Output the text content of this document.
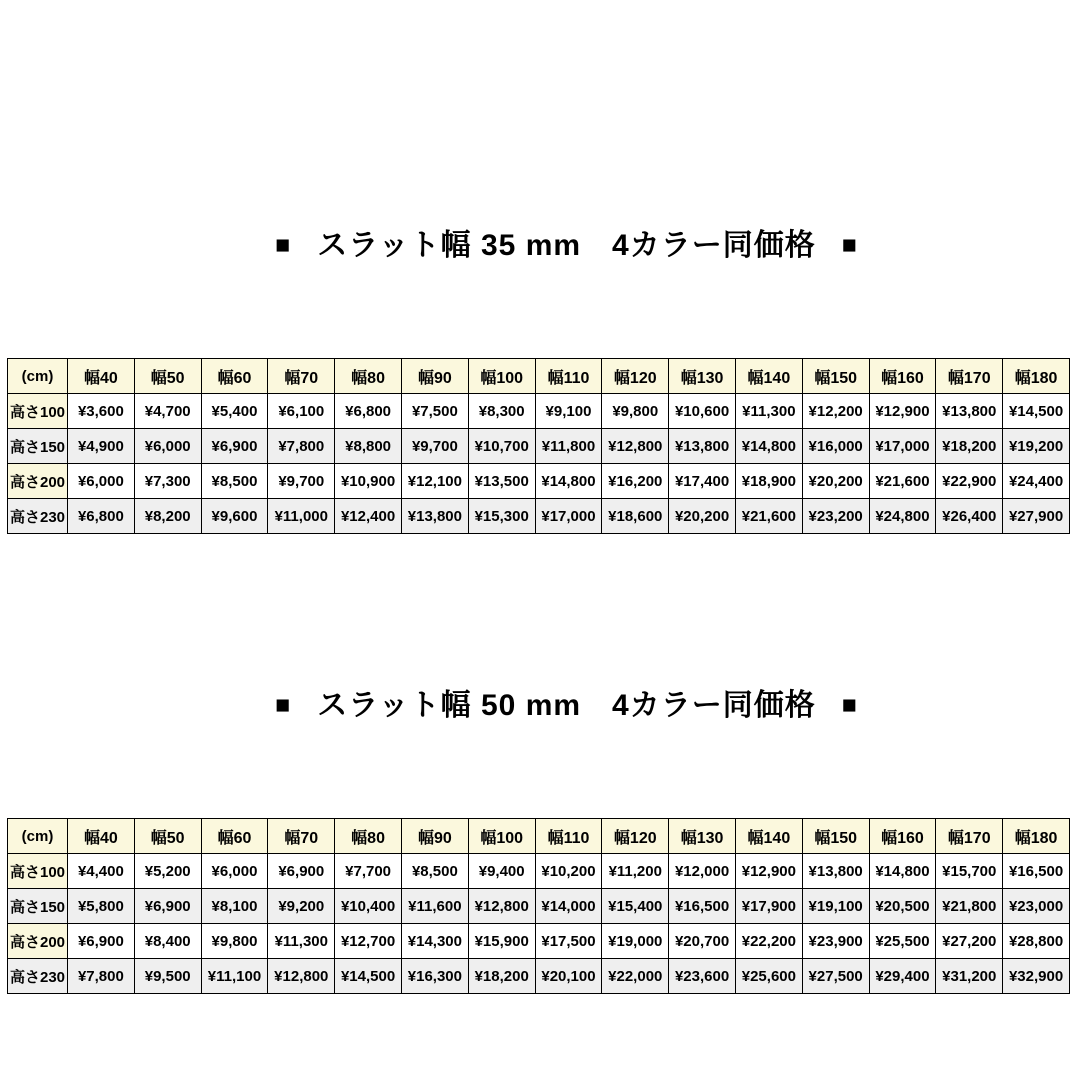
■ スラット幅 35 mm　4カラー同価格 ■

(cm)	幅40	幅50	幅60	幅70	幅80	幅90	幅100	幅110	幅120	幅130	幅140	幅150	幅160	幅170	幅180
高さ100	¥3,600	¥4,700	¥5,400	¥6,100	¥6,800	¥7,500	¥8,300	¥9,100	¥9,800	¥10,600	¥11,300	¥12,200	¥12,900	¥13,800	¥14,500
高さ150	¥4,900	¥6,000	¥6,900	¥7,800	¥8,800	¥9,700	¥10,700	¥11,800	¥12,800	¥13,800	¥14,800	¥16,000	¥17,000	¥18,200	¥19,200
高さ200	¥6,000	¥7,300	¥8,500	¥9,700	¥10,900	¥12,100	¥13,500	¥14,800	¥16,200	¥17,400	¥18,900	¥20,200	¥21,600	¥22,900	¥24,400
高さ230	¥6,800	¥8,200	¥9,600	¥11,000	¥12,400	¥13,800	¥15,300	¥17,000	¥18,600	¥20,200	¥21,600	¥23,200	¥24,800	¥26,400	¥27,900

■ スラット幅 50 mm　4カラー同価格 ■

(cm)	幅40	幅50	幅60	幅70	幅80	幅90	幅100	幅110	幅120	幅130	幅140	幅150	幅160	幅170	幅180
高さ100	¥4,400	¥5,200	¥6,000	¥6,900	¥7,700	¥8,500	¥9,400	¥10,200	¥11,200	¥12,000	¥12,900	¥13,800	¥14,800	¥15,700	¥16,500
高さ150	¥5,800	¥6,900	¥8,100	¥9,200	¥10,400	¥11,600	¥12,800	¥14,000	¥15,400	¥16,500	¥17,900	¥19,100	¥20,500	¥21,800	¥23,000
高さ200	¥6,900	¥8,400	¥9,800	¥11,300	¥12,700	¥14,300	¥15,900	¥17,500	¥19,000	¥20,700	¥22,200	¥23,900	¥25,500	¥27,200	¥28,800
高さ230	¥7,800	¥9,500	¥11,100	¥12,800	¥14,500	¥16,300	¥18,200	¥20,100	¥22,000	¥23,600	¥25,600	¥27,500	¥29,400	¥31,200	¥32,900
